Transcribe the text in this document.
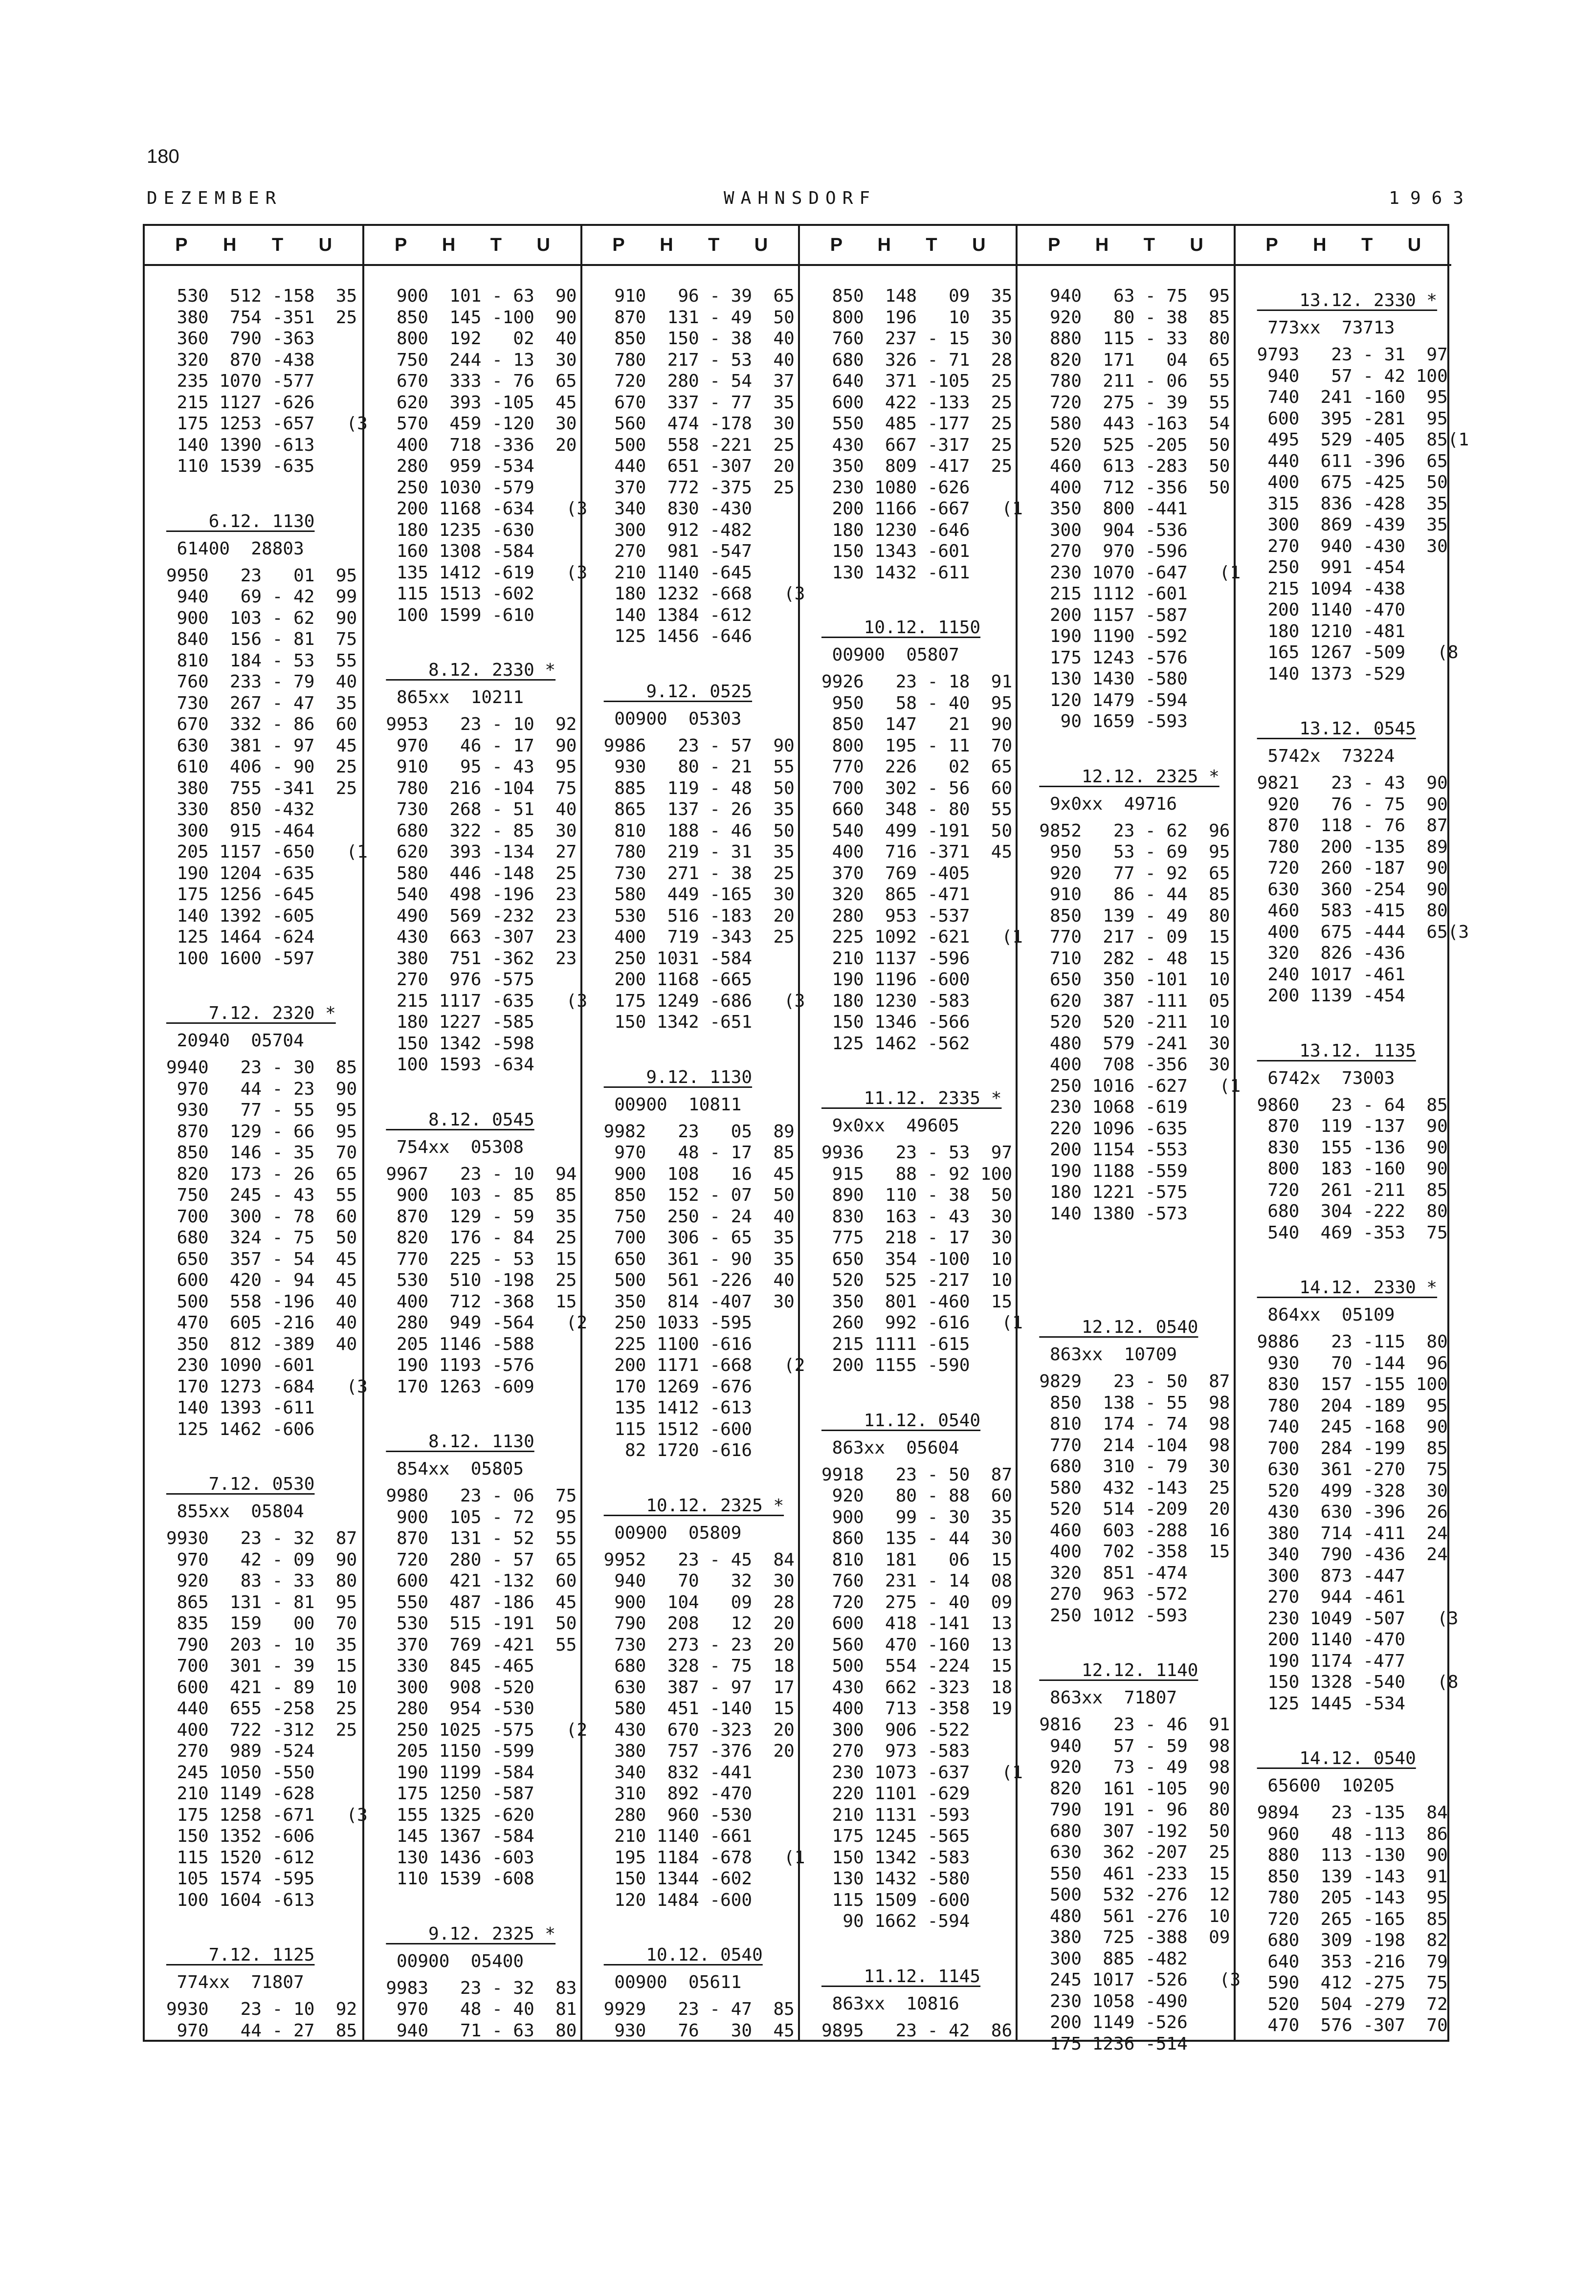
180
DEZEMBER	WAHNSDORF	1963
P H T U
530  512 -158  35
380  754 -351  25
360  790 -363
320  870 -438
235 1070 -577
215 1127 -626
175 1253 -657   (3
140 1390 -613
110 1539 -635
6.12. 1130
61400  28803
9950   23   01  95
940   69 - 42  99
900  103 - 62  90
840  156 - 81  75
810  184 - 53  55
760  233 - 79  40
730  267 - 47  35
670  332 - 86  60
630  381 - 97  45
610  406 - 90  25
380  755 -341  25
330  850 -432
300  915 -464
205 1157 -650   (1
190 1204 -635
175 1256 -645
140 1392 -605
125 1464 -624
100 1600 -597
7.12. 2320 *
20940  05704
9940   23 - 30  85
970   44 - 23  90
930   77 - 55  95
870  129 - 66  95
850  146 - 35  70
820  173 - 26  65
750  245 - 43  55
700  300 - 78  60
680  324 - 75  50
650  357 - 54  45
600  420 - 94  45
500  558 -196  40
470  605 -216  40
350  812 -389  40
230 1090 -601
170 1273 -684   (3
140 1393 -611
125 1462 -606
7.12. 0530
855xx  05804
9930   23 - 32  87
970   42 - 09  90
920   83 - 33  80
865  131 - 81  95
835  159   00  70
790  203 - 10  35
700  301 - 39  15
600  421 - 89  10
440  655 -258  25
400  722 -312  25
270  989 -524
245 1050 -550
210 1149 -628
175 1258 -671   (3
150 1352 -606
115 1520 -612
105 1574 -595
100 1604 -613
7.12. 1125
774xx  71807
9930   23 - 10  92
970   44 - 27  85
P H T U
900  101 - 63  90
850  145 -100  90
800  192   02  40
750  244 - 13  30
670  333 - 76  65
620  393 -105  45
570  459 -120  30
400  718 -336  20
280  959 -534
250 1030 -579
200 1168 -634   (3
180 1235 -630
160 1308 -584
135 1412 -619   (3
115 1513 -602
100 1599 -610
8.12. 2330 *
865xx  10211
9953   23 - 10  92
970   46 - 17  90
910   95 - 43  95
780  216 -104  75
730  268 - 51  40
680  322 - 85  30
620  393 -134  27
580  446 -148  25
540  498 -196  23
490  569 -232  23
430  663 -307  23
380  751 -362  23
270  976 -575
215 1117 -635   (3
180 1227 -585
150 1342 -598
100 1593 -634
8.12. 0545
754xx  05308
9967   23 - 10  94
900  103 - 85  85
870  129 - 59  35
820  176 - 84  25
770  225 - 53  15
530  510 -198  25
400  712 -368  15
280  949 -564   (2
205 1146 -588
190 1193 -576
170 1263 -609
8.12. 1130
854xx  05805
9980   23 - 06  75
900  105 - 72  95
870  131 - 52  55
720  280 - 57  65
600  421 -132  60
550  487 -186  45
530  515 -191  50
370  769 -421  55
330  845 -465
300  908 -520
280  954 -530
250 1025 -575   (2
205 1150 -599
190 1199 -584
175 1250 -587
155 1325 -620
145 1367 -584
130 1436 -603
110 1539 -608
9.12. 2325 *
00900  05400
9983   23 - 32  83
970   48 - 40  81
940   71 - 63  80
P H T U
910   96 - 39  65
870  131 - 49  50
850  150 - 38  40
780  217 - 53  40
720  280 - 54  37
670  337 - 77  35
560  474 -178  30
500  558 -221  25
440  651 -307  20
370  772 -375  25
340  830 -430
300  912 -482
270  981 -547
210 1140 -645
180 1232 -668   (3
140 1384 -612
125 1456 -646
9.12. 0525
00900  05303
9986   23 - 57  90
930   80 - 21  55
885  119 - 48  50
865  137 - 26  35
810  188 - 46  50
780  219 - 31  35
730  271 - 38  25
580  449 -165  30
530  516 -183  20
400  719 -343  25
250 1031 -584
200 1168 -665
175 1249 -686   (3
150 1342 -651
9.12. 1130
00900  10811
9982   23   05  89
970   48 - 17  85
900  108   16  45
850  152 - 07  50
750  250 - 24  40
700  306 - 65  35
650  361 - 90  35
500  561 -226  40
350  814 -407  30
250 1033 -595
225 1100 -616
200 1171 -668   (2
170 1269 -676
135 1412 -613
115 1512 -600
82 1720 -616
10.12. 2325 *
00900  05809
9952   23 - 45  84
940   70   32  30
900  104   09  28
790  208   12  20
730  273 - 23  20
680  328 - 75  18
630  387 - 97  17
580  451 -140  15
430  670 -323  20
380  757 -376  20
340  832 -441
310  892 -470
280  960 -530
210 1140 -661
195 1184 -678   (1
150 1344 -602
120 1484 -600
10.12. 0540
00900  05611
9929   23 - 47  85
930   76   30  45
P H T U
850  148   09  35
800  196   10  35
760  237 - 15  30
680  326 - 71  28
640  371 -105  25
600  422 -133  25
550  485 -177  25
430  667 -317  25
350  809 -417  25
230 1080 -626
200 1166 -667   (1
180 1230 -646
150 1343 -601
130 1432 -611
10.12. 1150
00900  05807
9926   23 - 18  91
950   58 - 40  95
850  147   21  90
800  195 - 11  70
770  226   02  65
700  302 - 56  60
660  348 - 80  55
540  499 -191  50
400  716 -371  45
370  769 -405
320  865 -471
280  953 -537
225 1092 -621   (1
210 1137 -596
190 1196 -600
180 1230 -583
150 1346 -566
125 1462 -562
11.12. 2335 *
9x0xx  49605
9936   23 - 53  97
915   88 - 92 100
890  110 - 38  50
830  163 - 43  30
775  218 - 17  30
650  354 -100  10
520  525 -217  10
350  801 -460  15
260  992 -616   (1
215 1111 -615
200 1155 -590
11.12. 0540
863xx  05604
9918   23 - 50  87
920   80 - 88  60
900   99 - 30  35
860  135 - 44  30
810  181   06  15
760  231 - 14  08
720  275 - 40  09
600  418 -141  13
560  470 -160  13
500  554 -224  15
430  662 -323  18
400  713 -358  19
300  906 -522
270  973 -583
230 1073 -637   (1
220 1101 -629
210 1131 -593
175 1245 -565
150 1342 -583
130 1432 -580
115 1509 -600
90 1662 -594
11.12. 1145
863xx  10816
9895   23 - 42  86
P H T U
940   63 - 75  95
920   80 - 38  85
880  115 - 33  80
820  171   04  65
780  211 - 06  55
720  275 - 39  55
580  443 -163  54
520  525 -205  50
460  613 -283  50
400  712 -356  50
350  800 -441
300  904 -536
270  970 -596
230 1070 -647   (1
215 1112 -601
200 1157 -587
190 1190 -592
175 1243 -576
130 1430 -580
120 1479 -594
90 1659 -593
12.12. 2325 *
9x0xx  49716
9852   23 - 62  96
950   53 - 69  95
920   77 - 92  65
910   86 - 44  85
850  139 - 49  80
770  217 - 09  15
710  282 - 48  15
650  350 -101  10
620  387 -111  05
520  520 -211  10
480  579 -241  30
400  708 -356  30
250 1016 -627   (1
230 1068 -619
220 1096 -635
200 1154 -553
190 1188 -559
180 1221 -575
140 1380 -573
12.12. 0540
863xx  10709
9829   23 - 50  87
850  138 - 55  98
810  174 - 74  98
770  214 -104  98
680  310 - 79  30
580  432 -143  25
520  514 -209  20
460  603 -288  16
400  702 -358  15
320  851 -474
270  963 -572
250 1012 -593
12.12. 1140
863xx  71807
9816   23 - 46  91
940   57 - 59  98
920   73 - 49  98
820  161 -105  90
790  191 - 96  80
680  307 -192  50
630  362 -207  25
550  461 -233  15
500  532 -276  12
480  561 -276  10
380  725 -388  09
300  885 -482
245 1017 -526   (3
230 1058 -490
200 1149 -526
175 1236 -514
P H T U
13.12. 2330 *
773xx  73713
9793   23 - 31  97
940   57 - 42 100
740  241 -160  95
600  395 -281  95
495  529 -405  85(1
440  611 -396  65
400  675 -425  50
315  836 -428  35
300  869 -439  35
270  940 -430  30
250  991 -454
215 1094 -438
200 1140 -470
180 1210 -481
165 1267 -509   (8
140 1373 -529
13.12. 0545
5742x  73224
9821   23 - 43  90
920   76 - 75  90
870  118 - 76  87
780  200 -135  89
720  260 -187  90
630  360 -254  90
460  583 -415  80
400  675 -444  65(3
320  826 -436
240 1017 -461
200 1139 -454
13.12. 1135
6742x  73003
9860   23 - 64  85
870  119 -137  90
830  155 -136  90
800  183 -160  90
720  261 -211  85
680  304 -222  80
540  469 -353  75
14.12. 2330 *
864xx  05109
9886   23 -115  80
930   70 -144  96
830  157 -155 100
780  204 -189  95
740  245 -168  90
700  284 -199  85
630  361 -270  75
520  499 -328  30
430  630 -396  26
380  714 -411  24
340  790 -436  24
300  873 -447
270  944 -461
230 1049 -507   (3
200 1140 -470
190 1174 -477
150 1328 -540   (8
125 1445 -534
14.12. 0540
65600  10205
9894   23 -135  84
960   48 -113  86
880  113 -130  90
850  139 -143  91
780  205 -143  95
720  265 -165  85
680  309 -198  82
640  353 -216  79
590  412 -275  75
520  504 -279  72
470  576 -307  70
